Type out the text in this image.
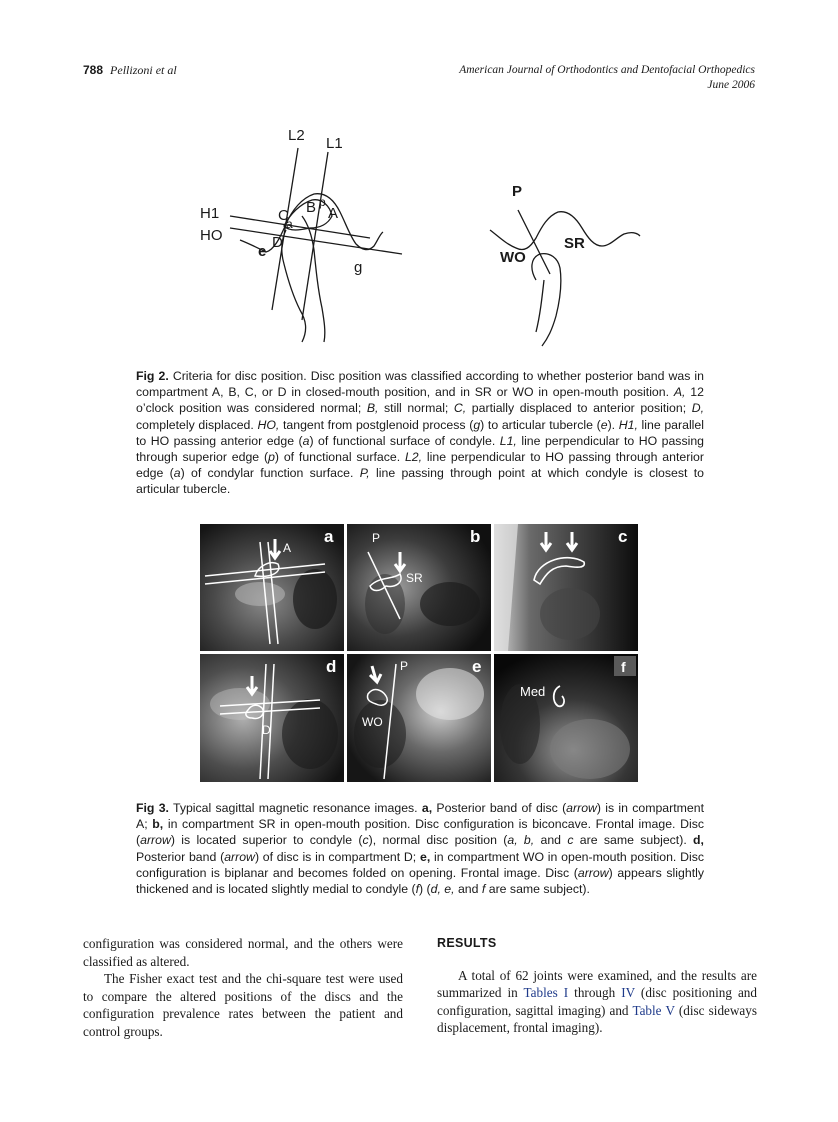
788 Pellizoni et al	American Journal of Orthodontics and Dentofacial Orthopedics
June 2006
L2 L1
H1
HO
C B p
A
a
D
e
g
P
SR
WO
Fig 2. Criteria for disc position. Disc position was classified according to whether posterior band was in compartment A, B, C, or D in closed-mouth position, and in SR or WO in open-mouth position. A, 12 o’clock position was considered normal; B, still normal; C, partially displaced to anterior position; D, completely displaced. HO, tangent from postglenoid process (g) to articular tubercle (e). H1, line parallel to HO passing anterior edge (a) of functional surface of condyle. L1, line perpendicular to HO passing through superior edge (p) of functional surface. L2, line perpendicular to HO passing through anterior edge (a) of condylar function surface. P, line passing through point at which condyle is closest to articular tubercle.
A
a	P
SR
b	c
D
d	P
WO
e
Med
f
Fig 3. Typical sagittal magnetic resonance images. a, Posterior band of disc (arrow) is in compartment A; b, in compartment SR in open-mouth position. Disc configuration is biconcave. Frontal image. Disc (arrow) is located superior to condyle (c), normal disc position (a, b, and c are same subject). d, Posterior band (arrow) of disc is in compartment D; e, in compartment WO in open-mouth position. Disc configuration is biplanar and becomes folded on opening. Frontal image. Disc (arrow) appears slightly thickened and is located slightly medial to condyle (f) (d, e, and f are same subject).

configuration was considered normal, and the others were classified as altered.

The Fisher exact test and the chi-square test were used to compare the altered positions of the discs and the configuration prevalence rates between the patient and control groups.

RESULTS

A total of 62 joints were examined, and the results are summarized in Tables I through IV (disc positioning and configuration, sagittal imaging) and Table V (disc sideways displacement, frontal imaging).
